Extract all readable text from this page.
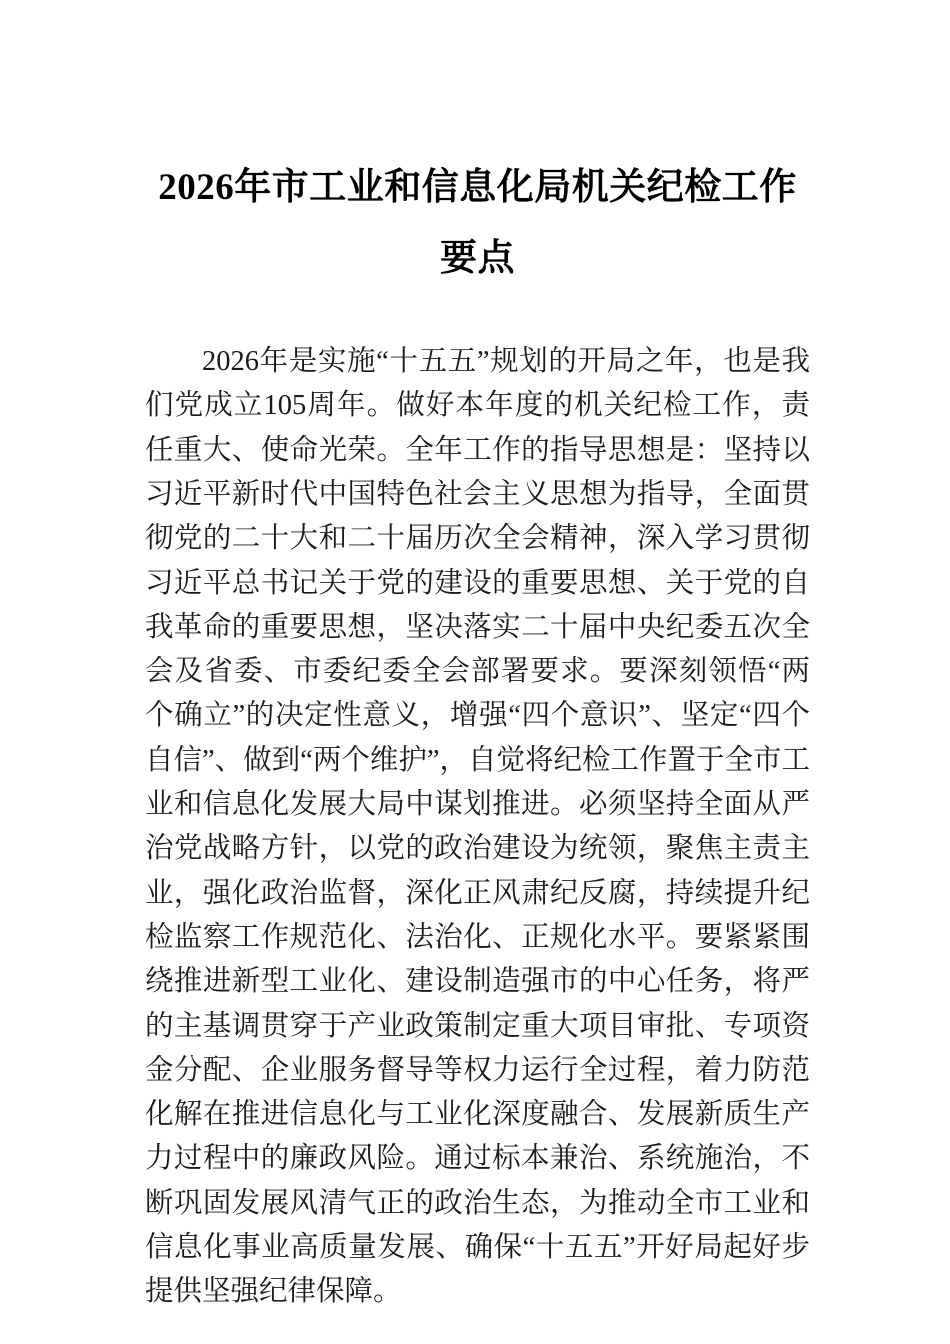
2026年市工业和信息化局机关纪检工作要点

2026年是实施“十五五”规划的开局之年，也是我们党成立105周年。做好本年度的机关纪检工作，责任重大、使命光荣。全年工作的指导思想是：坚持以习近平新时代中国特色社会主义思想为指导，全面贯彻党的二十大和二十届历次全会精神，深入学习贯彻习近平总书记关于党的建设的重要思想、关于党的自我革命的重要思想，坚决落实二十届中央纪委五次全会及省委、市委纪委全会部署要求。要深刻领悟“两个确立”的决定性意义，增强“四个意识”、坚定“四个自信”、做到“两个维护”，自觉将纪检工作置于全市工业和信息化发展大局中谋划推进。必须坚持全面从严治党战略方针，以党的政治建设为统领，聚焦主责主业，强化政治监督，深化正风肃纪反腐，持续提升纪检监察工作规范化、法治化、正规化水平。要紧紧围绕推进新型工业化、建设制造强市的中心任务，将严的主基调贯穿于产业政策制定重大项目审批、专项资金分配、企业服务督导等权力运行全过程，着力防范化解在推进信息化与工业化深度融合、发展新质生产力过程中的廉政风险。通过标本兼治、系统施治，不断巩固发展风清气正的政治生态，为推动全市工业和信息化事业高质量发展、确保“十五五”开好局起好步提供坚强纪律保障。
